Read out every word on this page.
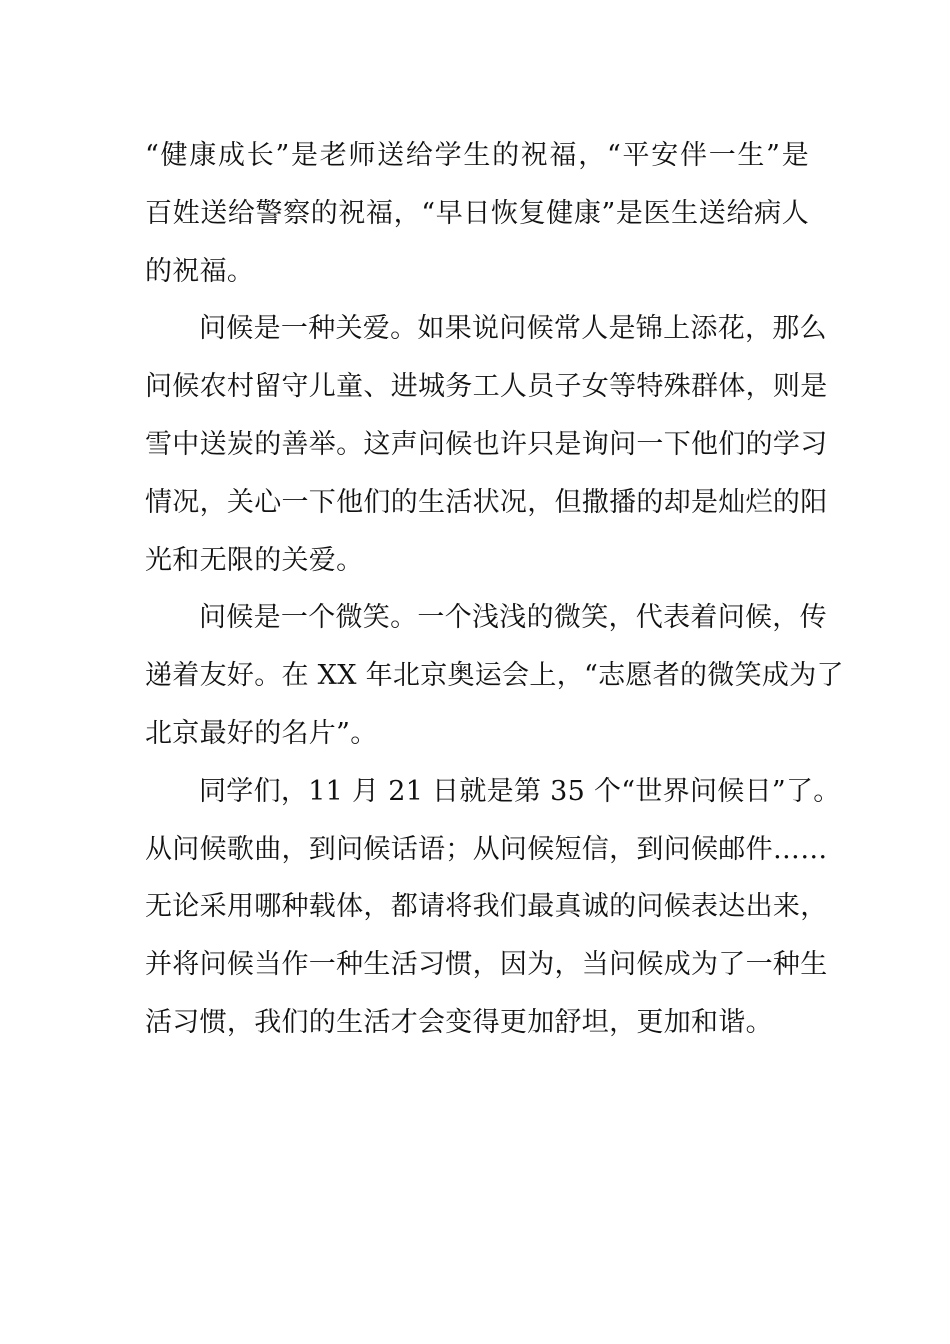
“健康成长”是老师送给学生的祝福，“平安伴一生”是
百姓送给警察的祝福，“早日恢复健康”是医生送给病人
的祝福。
问候是一种关爱。如果说问候常人是锦上添花，那么
问候农村留守儿童、进城务工人员子女等特殊群体，则是
雪中送炭的善举。这声问候也许只是询问一下他们的学习
情况，关心一下他们的生活状况，但撒播的却是灿烂的阳
光和无限的关爱。
问候是一个微笑。一个浅浅的微笑，代表着问候，传
递着友好。在 XX 年北京奥运会上，“志愿者的微笑成为了
北京最好的名片”。
同学们，11 月 21 日就是第 35 个“世界问候日”了。
从问候歌曲，到问候话语；从问候短信，到问候邮件……
无论采用哪种载体，都请将我们最真诚的问候表达出来，
并将问候当作一种生活习惯，因为，当问候成为了一种生
活习惯，我们的生活才会变得更加舒坦，更加和谐。
